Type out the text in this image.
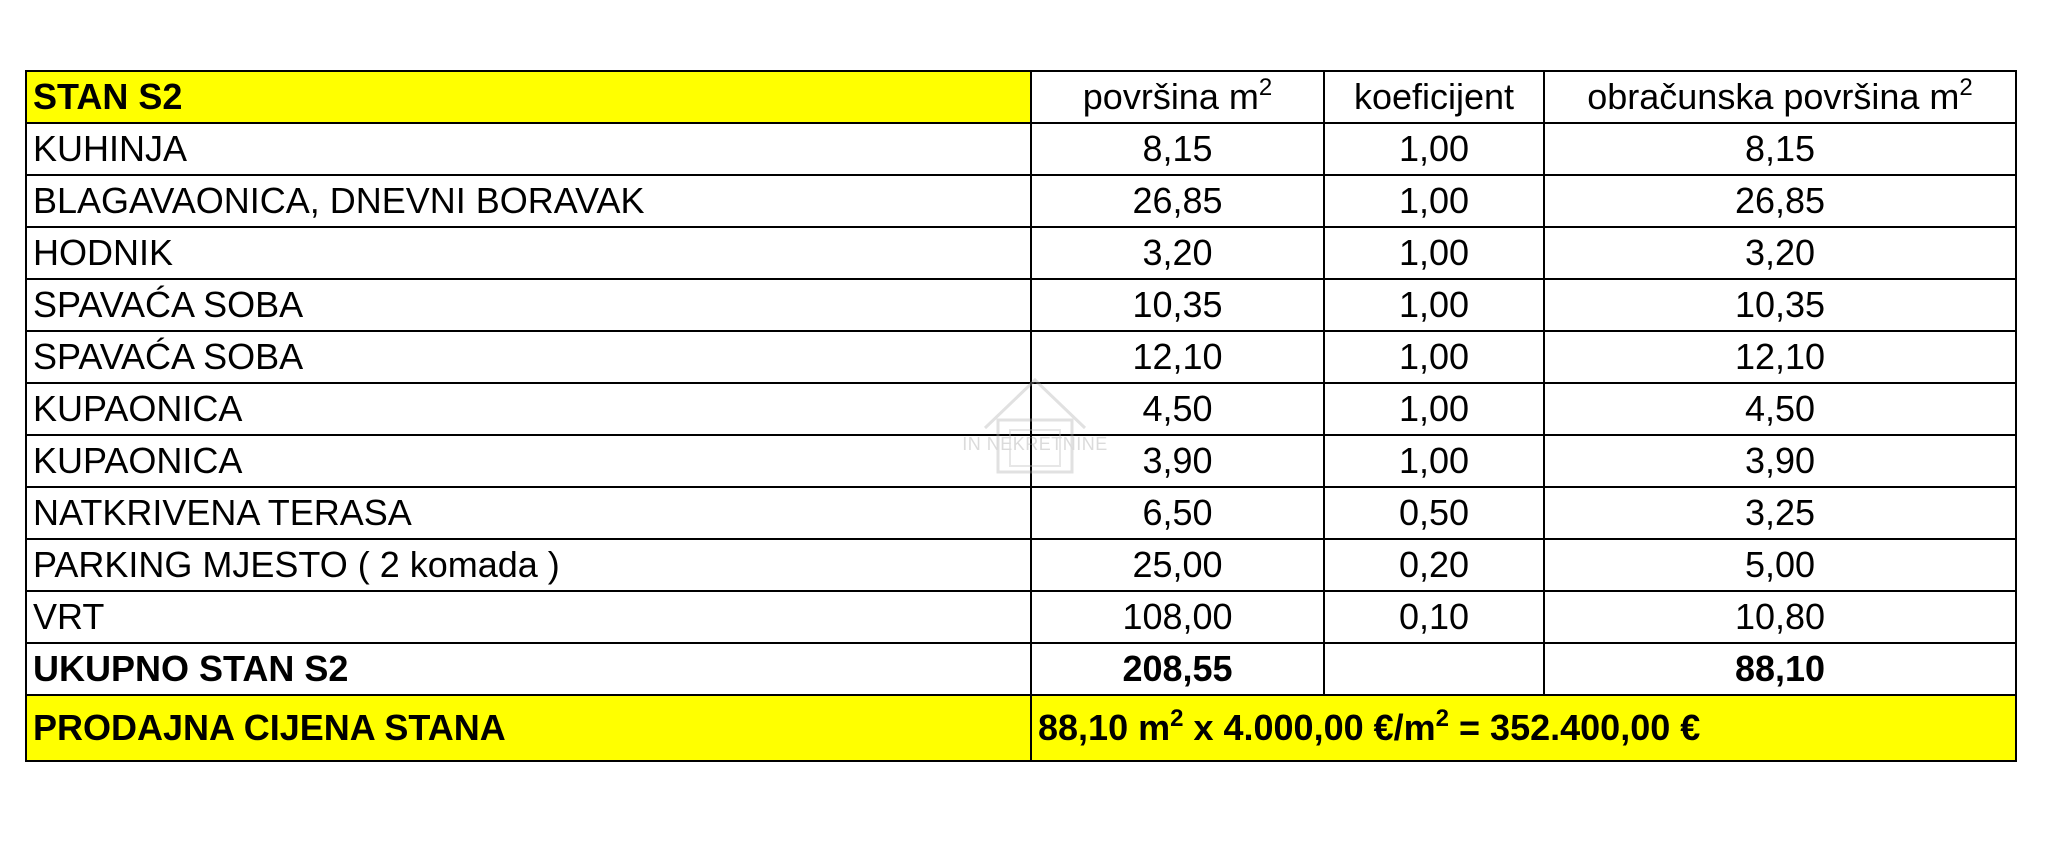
STAN S2	površina $m^2$	koeficijent	obračunska površina $m^2$
KUHINJA	8,15	1,00	8,15
BLAGAVAONICA, DNEVNI BORAVAK	26,85	1,00	26,85
HODNIK	3,20	1,00	3,20
SPAVAĆA SOBA	10,35	1,00	10,35
SPAVAĆA SOBA	12,10	1,00	12,10
KUPAONICA	4,50	1,00	4,50
KUPAONICA	3,90	1,00	3,90
NATKRIVENA TERASA	6,50	0,50	3,25
PARKING MJESTO ( 2 komada )	25,00	0,20	5,00
VRT	108,00	0,10	10,80
UKUPNO STAN S2	208,55		88,10
PRODAJNA CIJENA STANA	88,10 $m^2$ x 4.000,00 $€/m^2 = 352.400,00$ €		
IN NEKRETNINE
